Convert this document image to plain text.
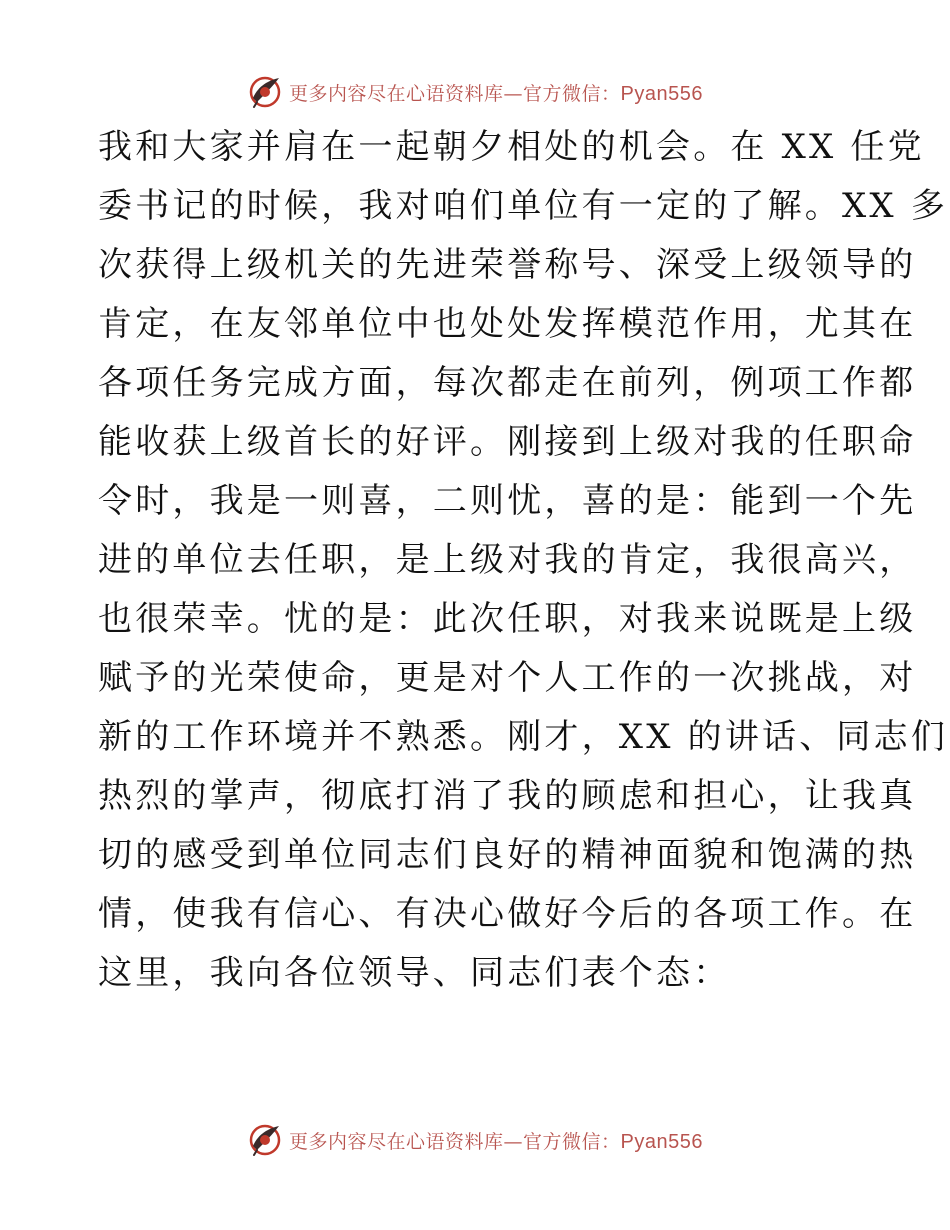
更多内容尽在心语资料库—官方微信：Pyan556
我和大家并肩在一起朝夕相处的机会。在 XX 任党
委书记的时候，我对咱们单位有一定的了解。XX 多
次获得上级机关的先进荣誉称号、深受上级领导的
肯定，在友邻单位中也处处发挥模范作用，尤其在
各项任务完成方面，每次都走在前列，例项工作都
能收获上级首长的好评。刚接到上级对我的任职命
令时，我是一则喜，二则忧，喜的是：能到一个先
进的单位去任职，是上级对我的肯定，我很高兴，
也很荣幸。忧的是：此次任职，对我来说既是上级
赋予的光荣使命，更是对个人工作的一次挑战，对
新的工作环境并不熟悉。刚才，XX 的讲话、同志们
热烈的掌声，彻底打消了我的顾虑和担心，让我真
切的感受到单位同志们良好的精神面貌和饱满的热
情，使我有信心、有决心做好今后的各项工作。在
这里，我向各位领导、同志们表个态：
更多内容尽在心语资料库—官方微信：Pyan556
